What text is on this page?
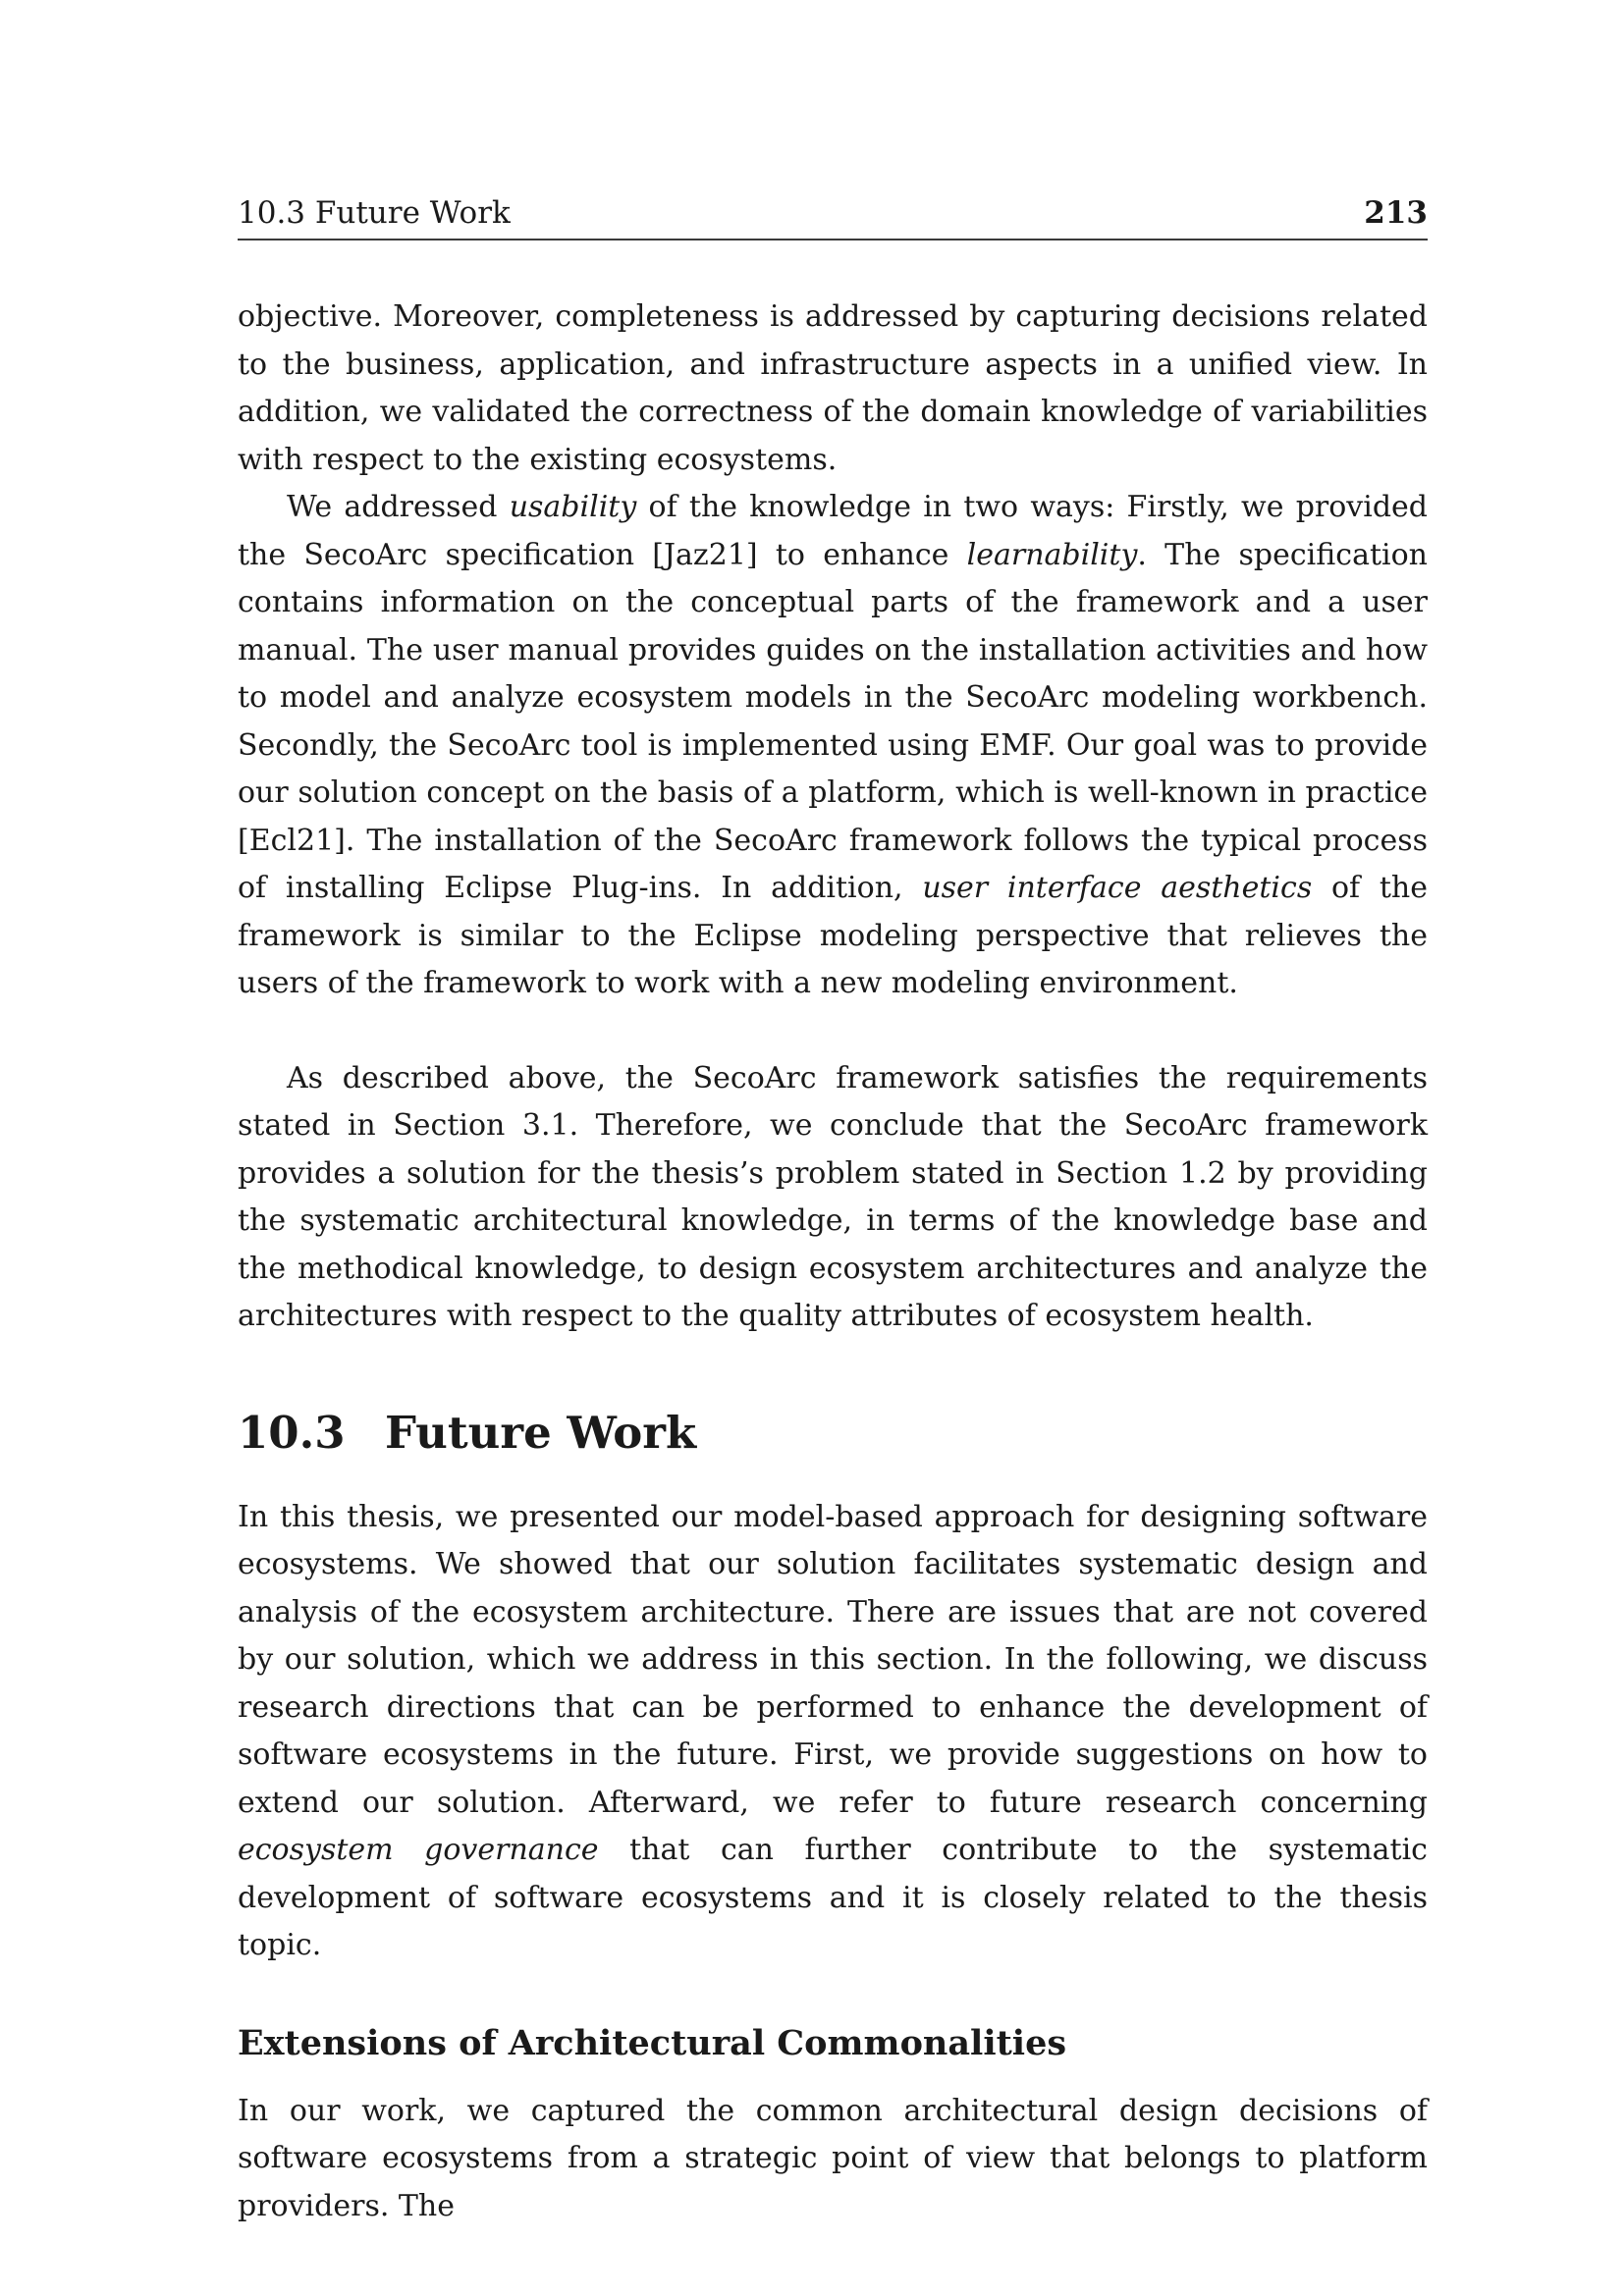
10.3 Future Work	213

objective. Moreover, completeness is addressed by capturing decisions related to the business, application, and infrastructure aspects in a unified view. In addition, we validated the correctness of the domain knowledge of variabilities with respect to the existing ecosystems.

We addressed usability of the knowledge in two ways: Firstly, we provided the SecoArc specification [Jaz21] to enhance learnability. The specification contains information on the conceptual parts of the framework and a user manual. The user manual provides guides on the installation activities and how to model and analyze ecosystem models in the SecoArc modeling workbench. Secondly, the SecoArc tool is implemented using EMF. Our goal was to provide our solution concept on the basis of a platform, which is well-known in practice [Ecl21]. The installation of the SecoArc framework follows the typical process of installing Eclipse Plug-ins. In addition, user interface aesthetics of the framework is similar to the Eclipse modeling perspective that relieves the users of the framework to work with a new modeling environment.

As described above, the SecoArc framework satisfies the requirements stated in Section 3.1. Therefore, we conclude that the SecoArc framework provides a solution for the thesis’s problem stated in Section 1.2 by providing the systematic architectural knowledge, in terms of the knowledge base and the methodical knowledge, to design ecosystem architectures and analyze the architectures with respect to the quality attributes of ecosystem health.

10.3 Future Work

In this thesis, we presented our model-based approach for designing software ecosystems. We showed that our solution facilitates systematic design and analysis of the ecosystem architecture. There are issues that are not covered by our solution, which we address in this section. In the following, we discuss research directions that can be performed to enhance the development of software ecosystems in the future. First, we provide suggestions on how to extend our solution. Afterward, we refer to future research concerning ecosystem governance that can further contribute to the systematic development of software ecosystems and it is closely related to the thesis topic.

Extensions of Architectural Commonalities

In our work, we captured the common architectural design decisions of software ecosystems from a strategic point of view that belongs to platform providers. The
